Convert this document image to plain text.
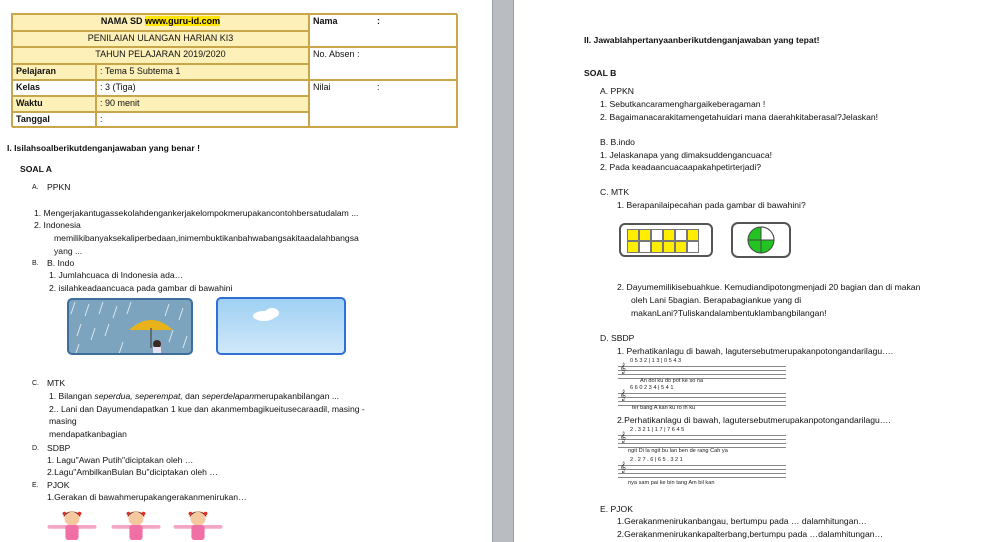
NAMA SD www.guru-id.com
PENILAIAN ULANGAN HARIAN KI3
TAHUN PELAJARAN 2019/2020
Pelajaran	: Tema 5 Subtema 1
Kelas	: 3 (Tiga)
Waktu	: 90 menit
Tanggal	:
Nama	:
No. Absen :
Nilai	:
I. Isilahsoalberikutdenganjawaban yang benar !
SOAL A
A. PPKN
1. Mengerjakantugassekolahdengankerjakelompokmerupakancontohbersatudalam ...
2. Indonesia
memilikibanyaksekaliperbedaan,inimembuktikanbahwabangsakitaadalahbangsa
yang ...
B. B. Indo
1. Jumlahcuaca di Indonesia ada…
2. isilahkeadaancuaca pada gambar di bawahini
C. MTK
1. Bilangan seperdua, seperempat, dan seperdelapanmerupakanbilangan ...
2.. Lani dan Dayumendapatkan 1 kue dan akanmembagikueitusecaraadil, masing -
masing
mendapatkanbagian
D. SDBP
1. Lagu"Awan Putih"diciptakan oleh …
2.Lagu"AmbilkanBulan Bu"diciptakan oleh …
E. PJOK
1.Gerakan di bawahmerupakangerakanmenirukan…
II. Jawablahpertanyaanberikutdenganjawaban yang tepat!
SOAL B
A. PPKN
1. Sebutkancaramenghargaikeberagaman !
2. Bagaimanacarakitamengetahuidari mana daerahkitaberasal?Jelaskan!
B. B.indo
1. Jelaskanapa yang dimaksuddengancuaca!
2. Pada keadaancuacaapakahpetirterjadi?
C. MTK
1. Berapanilaipecahan pada gambar di bawahini?
2. Dayumemilikisebuahkue. Kemudiandipotongmenjadi 20 bagian dan di makan
oleh Lani 5bagian. Berapabagiankue yang di
makanLani?Tuliskandalambentuklambangbilangan!
D. SBDP
1. Perhatikanlagu di bawah, lagutersebutmerupakanpotongandarilagu….
0 5 3 2 | 1 3 | 0 5 4 3
𝄞
An doi ku do pot ke so na
6 6 0 2 3 4 | 5 4 1
𝄞
ter bang A kan ku ro ih ku
2.Perhatikanlagu di bawah, lagutersebutmerupakanpotongandarilagu….
2 . 3 2 1 | 1 7 | 7 6 4 5
𝄞
ngit Di la ngit bu lan ben de rang Cah ya
2 . 2 7 . 6 | 6 5 . 3 2 1
𝄞
nya sam pai ke bin tang Am bil kan
E. PJOK
1.Gerakanmenirukanbangau, bertumpu pada … dalamhitungan…
2.Gerakanmenirukankapalterbang,bertumpu pada …dalamhitungan…
